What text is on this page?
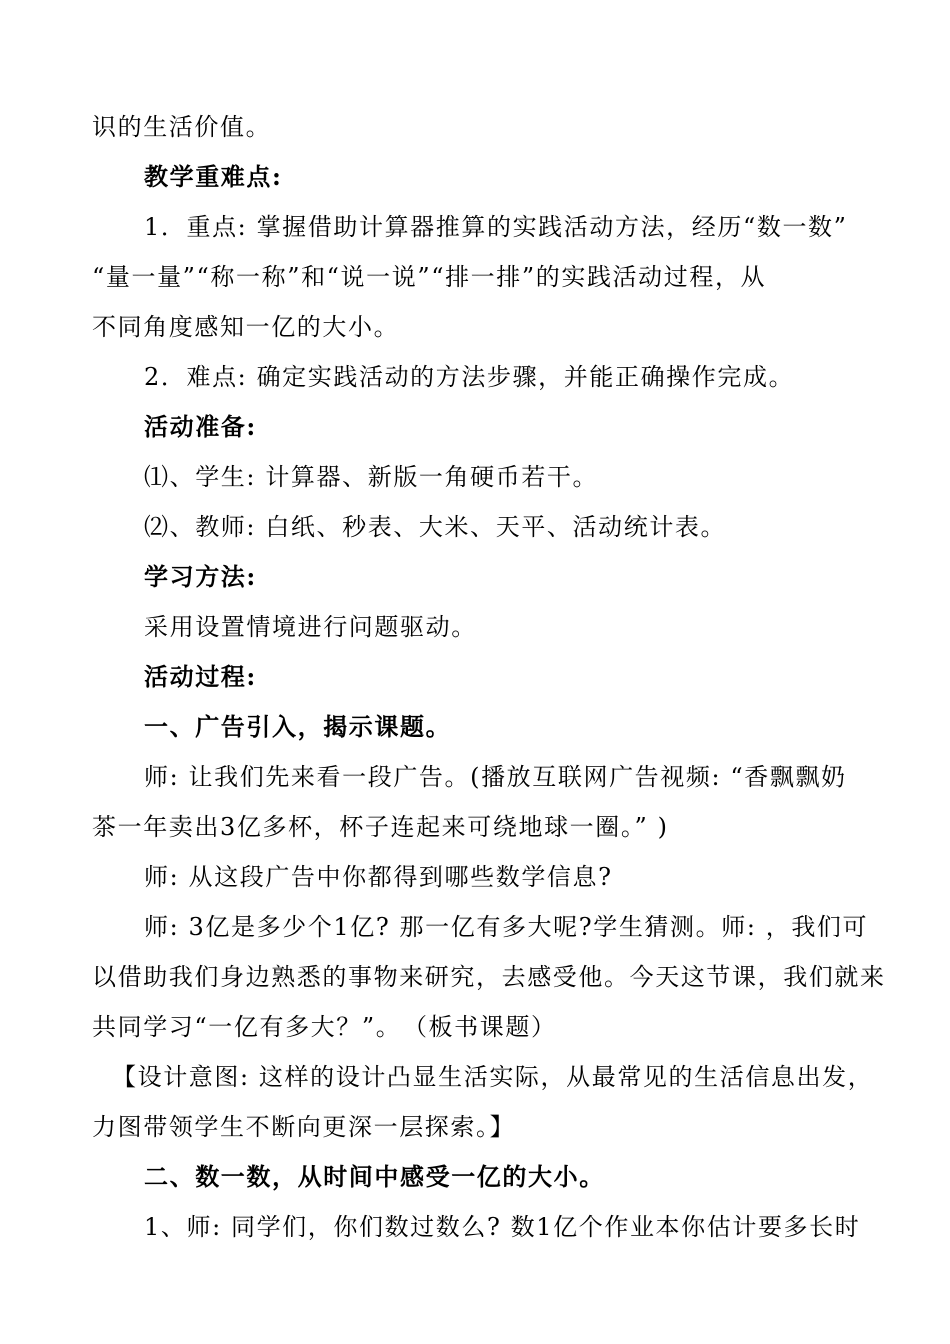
识的生活价值。
教学重难点:
1．重点: 掌握借助计算器推算的实践活动方法，经历“数一数”
“量一量”“称一称”和“说一说”“排一排”的实践活动过程，从
不同角度感知一亿的大小。
2．难点: 确定实践活动的方法步骤，并能正确操作完成。
活动准备:
⑴、学生: 计算器、新版一角硬币若干。
⑵、教师: 白纸、秒表、大米、天平、活动统计表。
学习方法:
采用设置情境进行问题驱动。
活动过程:
一、广告引入，揭示课题。
师: 让我们先来看一段广告。(播放互联网广告视频: “香飘飘奶
茶一年卖出3亿多杯，杯子连起来可绕地球一圈。” )
师: 从这段广告中你都得到哪些数学信息?
师: 3亿是多少个1亿? 那一亿有多大呢?学生猜测。师: ，我们可
以借助我们身边熟悉的事物来研究，去感受他。今天这节课，我们就来
共同学习“一亿有多大？”。　（板书课题）
【设计意图: 这样的设计凸显生活实际，从最常见的生活信息出发，
力图带领学生不断向更深一层探索。】
二、数一数，从时间中感受一亿的大小。
1、师: 同学们，你们数过数么? 数1亿个作业本你估计要多长时
